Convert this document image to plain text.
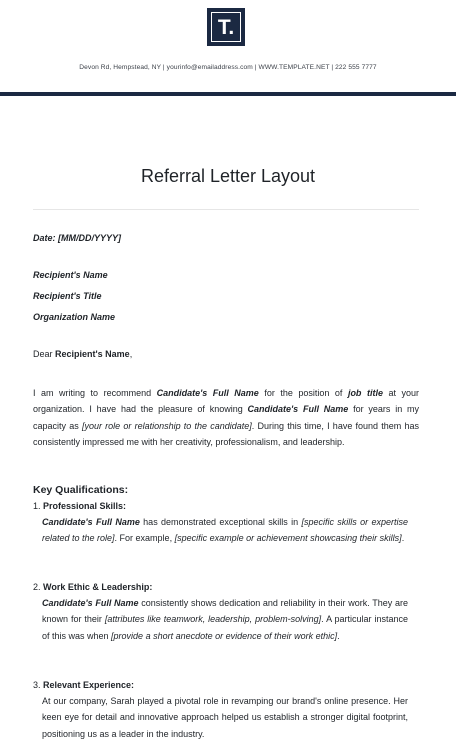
T.
Devon Rd, Hempstead, NY | yourinfo@emailaddress.com | WWW.TEMPLATE.NET | 222 555 7777
Referral Letter Layout
Date: [MM/DD/YYYY]
Recipient's Name
Recipient's Title
Organization Name
Dear Recipient's Name,
I am writing to recommend Candidate's Full Name for the position of job title at your organization. I have had the pleasure of knowing Candidate's Full Name for years in my capacity as [your role or relationship to the candidate]. During this time, I have found them has consistently impressed me with her creativity, professionalism, and leadership.
Key Qualifications:
1. Professional Skills:
Candidate's Full Name has demonstrated exceptional skills in [specific skills or expertise related to the role]. For example, [specific example or achievement showcasing their skills].
2. Work Ethic & Leadership:
Candidate's Full Name consistently shows dedication and reliability in their work. They are known for their [attributes like teamwork, leadership, problem-solving]. A particular instance of this was when [provide a short anecdote or evidence of their work ethic].
3. Relevant Experience:
At our company, Sarah played a pivotal role in revamping our brand's online presence. Her keen eye for detail and innovative approach helped us establish a stronger digital footprint, positioning us as a leader in the industry.
